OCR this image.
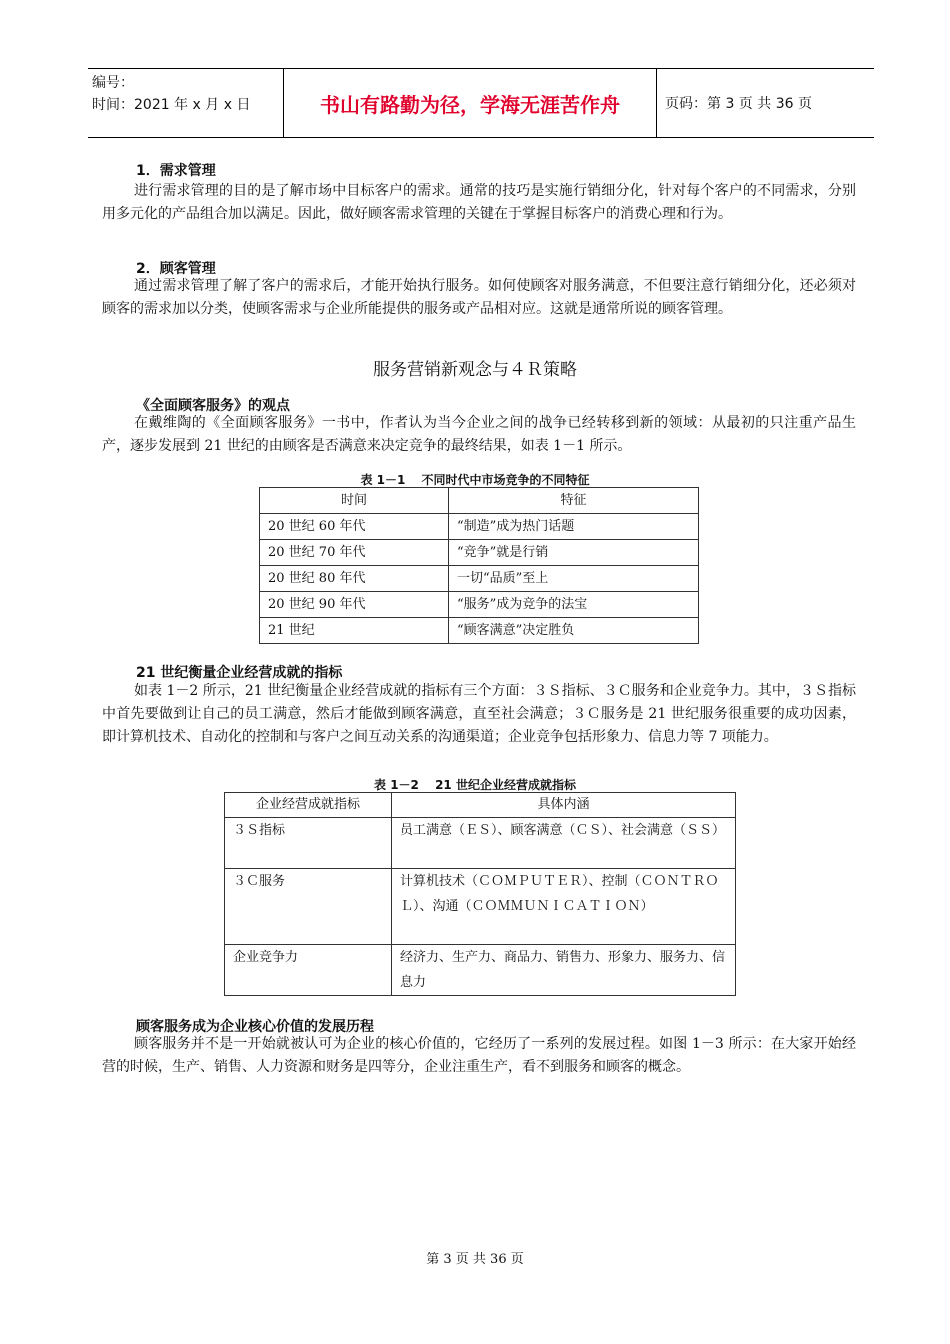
编号：
时间：2021 年 x 月 x 日	书山有路勤为径，学海无涯苦作舟	页码：第 3 页 共 36 页
1．需求管理

进行需求管理的目的是了解市场中目标客户的需求。通常的技巧是实施行销细分化，针对每个客户的不同需求，分别用多元化的产品组合加以满足。因此，做好顾客需求管理的关键在于掌握目标客户的消费心理和行为。

2．顾客管理

通过需求管理了解了客户的需求后，才能开始执行服务。如何使顾客对服务满意，不但要注意行销细分化，还必须对顾客的需求加以分类，使顾客需求与企业所能提供的服务或产品相对应。这就是通常所说的顾客管理。

服务营销新观念与４Ｒ策略
《全面顾客服务》的观点

在戴维陶的《全面顾客服务》一书中，作者认为当今企业之间的战争已经转移到新的领域：从最初的只注重产品生产，逐步发展到 21 世纪的由顾客是否满意来决定竞争的最终结果，如表 1－1 所示。

表 1－1　 不同时代中市场竞争的不同特征
时间	特征
20 世纪 60 年代	“制造”成为热门话题
20 世纪 70 年代	“竞争”就是行销
20 世纪 80 年代	一切“品质”至上
20 世纪 90 年代	“服务”成为竞争的法宝
21 世纪	“顾客满意”决定胜负
21 世纪衡量企业经营成就的指标

如表 1－2 所示，21 世纪衡量企业经营成就的指标有三个方面：３Ｓ指标、３Ｃ服务和企业竞争力。其中，３Ｓ指标中首先要做到让自己的员工满意，然后才能做到顾客满意，直至社会满意；３Ｃ服务是 21 世纪服务很重要的成功因素，即计算机技术、自动化的控制和与客户之间互动关系的沟通渠道；企业竞争包括形象力、信息力等 7 项能力。

表 1－2　 21 世纪企业经营成就指标
企业经营成就指标	具体内涵
３Ｓ指标	员工满意（ＥＳ）、顾客满意（ＣＳ）、社会满意（ＳＳ）
３Ｃ服务	计算机技术（ＣＯＭＰＵＴＥＲ）、控制（ＣＯＮＴＲＯＬ）、沟通（ＣＯＭＭＵＮＩＣＡＴＩＯＮ）
企业竞争力	经济力、生产力、商品力、销售力、形象力、服务力、信息力
顾客服务成为企业核心价值的发展历程

顾客服务并不是一开始就被认可为企业的核心价值的，它经历了一系列的发展过程。如图 1－3 所示：在大家开始经营的时候，生产、销售、人力资源和财务是四等分，企业注重生产，看不到服务和顾客的概念。

第 3 页 共 36 页
